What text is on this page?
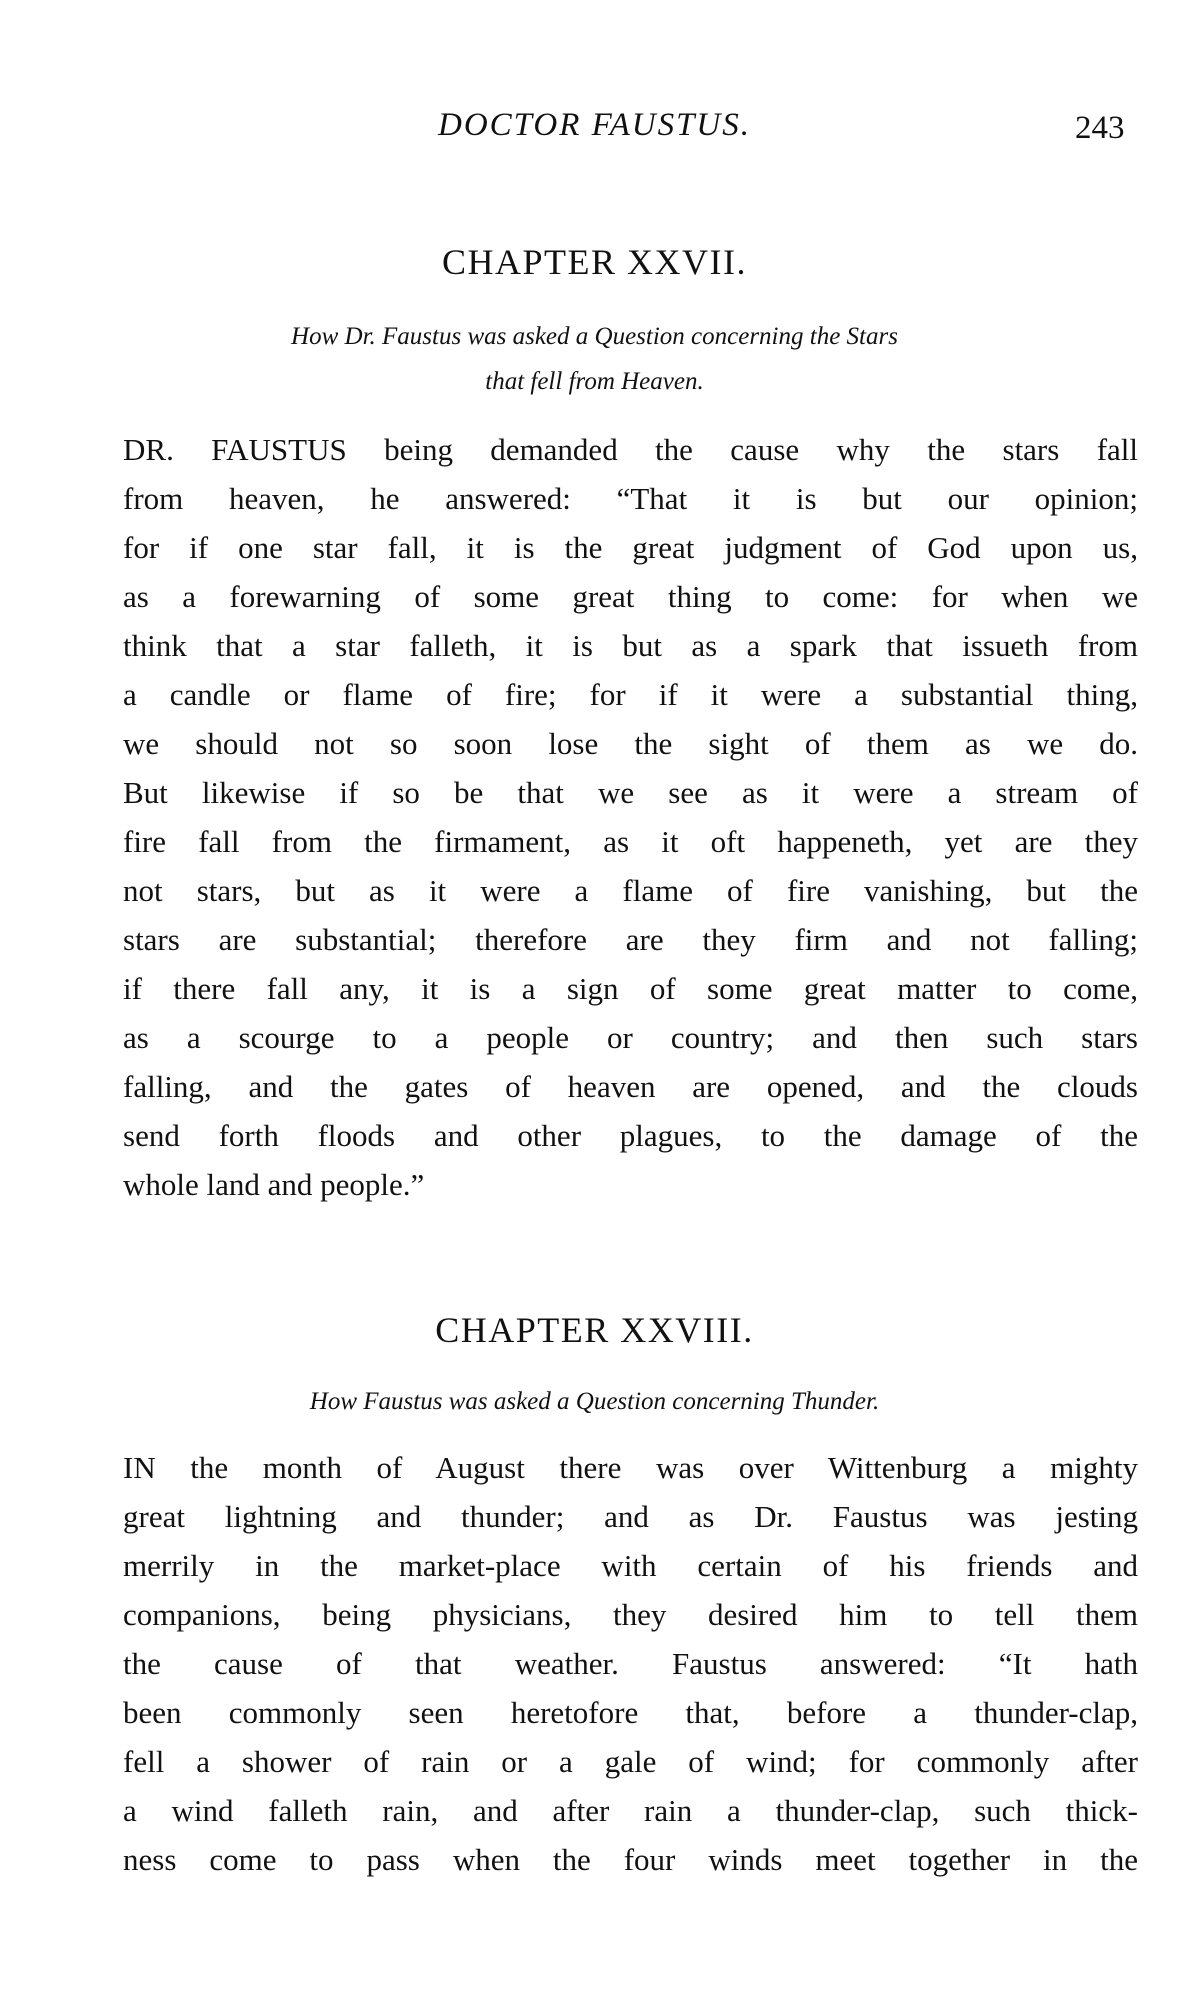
DOCTOR FAUSTUS.	243
CHAPTER XXVII.
How Dr. Faustus was asked a Question concerning the Stars
that fell from Heaven.
DR. FAUSTUS being demanded the cause why the stars fall
from heaven, he answered: “That it is but our opinion;
for if one star fall, it is the great judgment of God upon us,
as a forewarning of some great thing to come: for when we
think that a star falleth, it is but as a spark that issueth from
a candle or flame of fire; for if it were a substantial thing,
we should not so soon lose the sight of them as we do.
But likewise if so be that we see as it were a stream of
fire fall from the firmament, as it oft happeneth, yet are they
not stars, but as it were a flame of fire vanishing, but the
stars are substantial; therefore are they firm and not falling;
if there fall any, it is a sign of some great matter to come,
as a scourge to a people or country; and then such stars
falling, and the gates of heaven are opened, and the clouds
send forth floods and other plagues, to the damage of the
whole land and people.”
CHAPTER XXVIII.
How Faustus was asked a Question concerning Thunder.
IN the month of August there was over Wittenburg a mighty
great lightning and thunder; and as Dr. Faustus was jesting
merrily in the market-place with certain of his friends and
companions, being physicians, they desired him to tell them
the cause of that weather. Faustus answered: “It hath
been commonly seen heretofore that, before a thunder-clap,
fell a shower of rain or a gale of wind; for commonly after
a wind falleth rain, and after rain a thunder-clap, such thick-
ness come to pass when the four winds meet together in the
